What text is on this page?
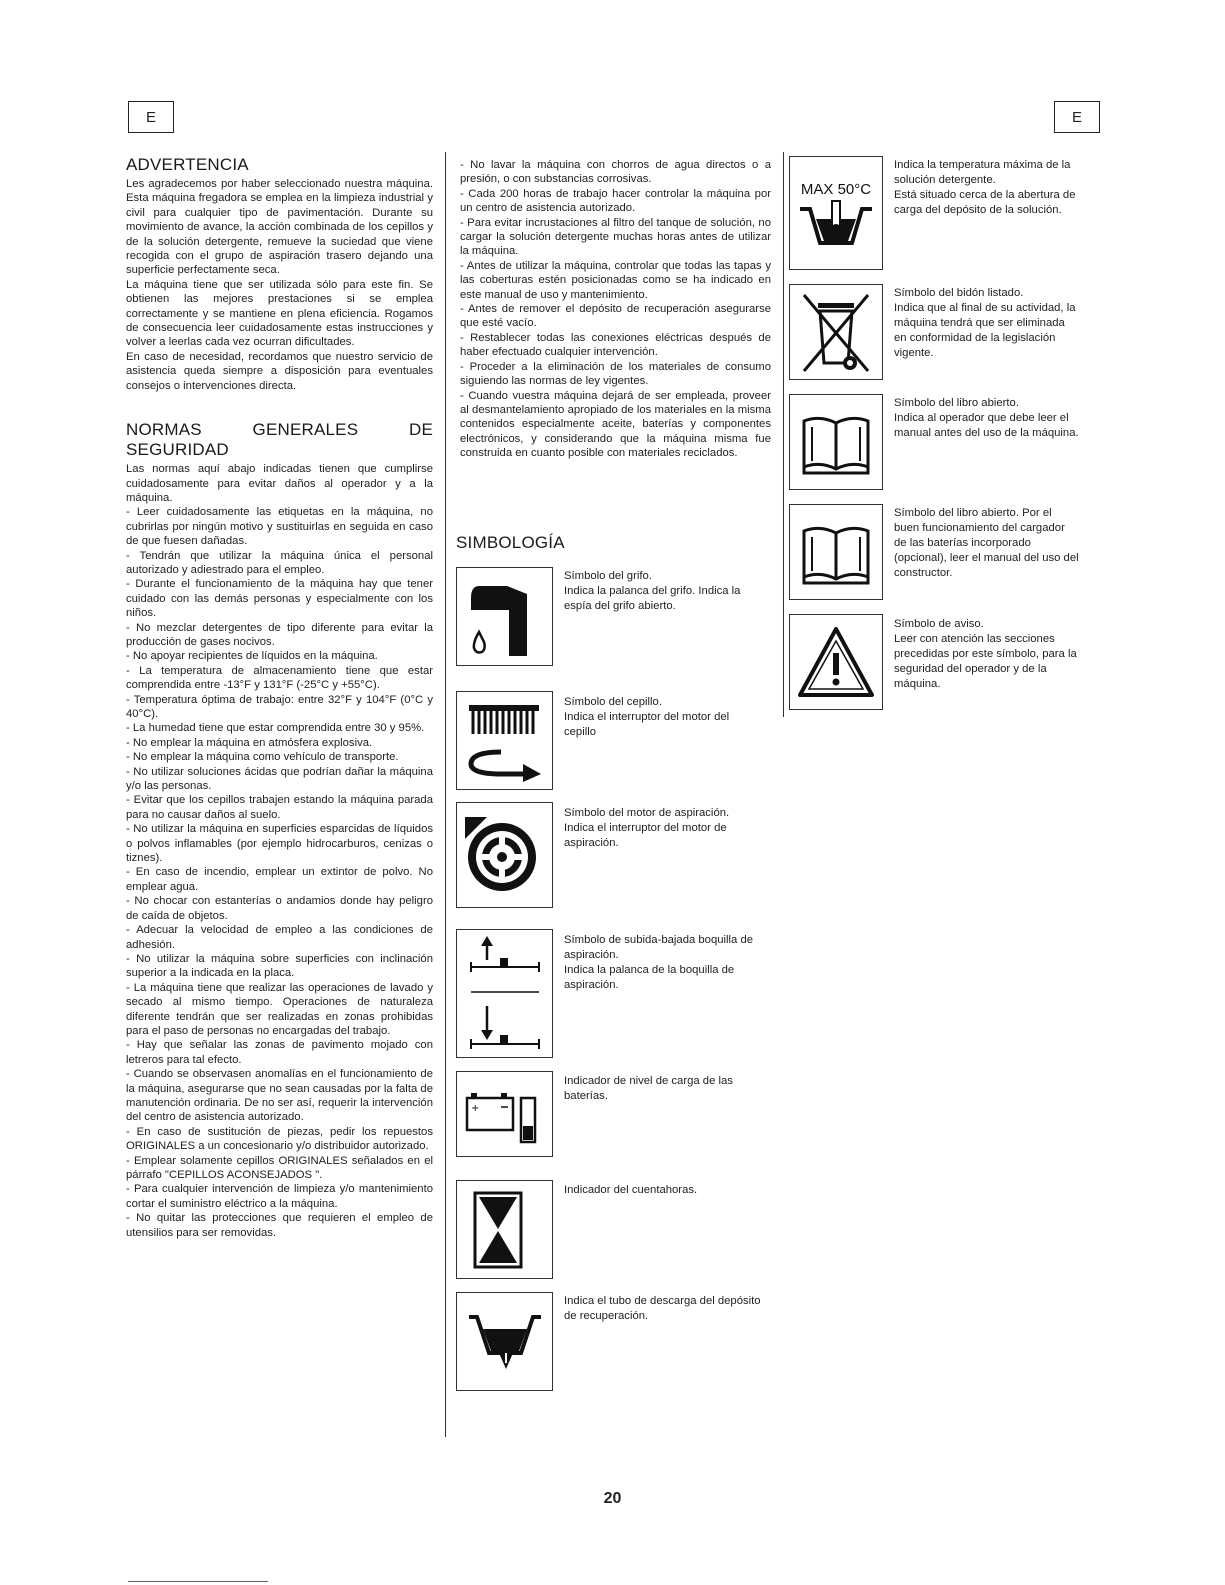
E	E
ADVERTENCIA

Les agradecemos por haber seleccionado nuestra máquina. Esta máquina fregadora se emplea en la limpieza industrial y civil para cualquier tipo de pavimentación. Durante su movimiento de avance, la acción combinada de los cepillos y de la solución detergente, remueve la suciedad que viene recogida con el grupo de aspiración trasero dejando una superficie perfectamente seca.

La máquina tiene que ser utilizada sólo para este fin. Se obtienen las mejores prestaciones si se emplea correctamente y se mantiene en plena eficiencia. Rogamos de consecuencia leer cuidadosamente estas instrucciones y volver a leerlas cada vez ocurran dificultades.

En caso de necesidad, recordamos que nuestro servicio de asistencia queda siempre a disposición para eventuales consejos o intervenciones directa.

NORMAS GENERALES DE SEGURIDAD

Las normas aquí abajo indicadas tienen que cumplirse cuidadosamente para evitar daños al operador y a la máquina.

- Leer cuidadosamente las etiquetas en la máquina, no cubrirlas por ningún motivo y sustituirlas en seguida en caso de que fuesen dañadas.

- Tendrán que utilizar la máquina única el personal autorizado y adiestrado para el empleo.

- Durante el funcionamiento de la máquina hay que tener cuidado con las demás personas y especialmente con los niños.

- No mezclar detergentes de tipo diferente para evitar la producción de gases nocivos.

- No apoyar recipientes de líquidos en la máquina.

- La temperatura de almacenamiento tiene que estar comprendida entre -13°F y 131°F (-25°C y +55°C).

- Temperatura óptima de trabajo: entre 32°F y 104°F (0°C y 40°C).

- La humedad tiene que estar comprendida entre 30 y 95%.

- No emplear la máquina en atmósfera explosiva.

- No emplear la máquina como vehículo de transporte.

- No utilizar soluciones ácidas que podrían dañar la máquina y/o las personas.

- Evitar que los cepillos trabajen estando la máquina parada para no causar daños al suelo.

- No utilizar la máquina en superficies esparcidas de líquidos o polvos inflamables (por ejemplo hidrocarburos, cenizas o tiznes).

- En caso de incendio, emplear un extintor de polvo. No emplear agua.

- No chocar con estanterías o andamios donde hay peligro de caída de objetos.

- Adecuar la velocidad de empleo a las condiciones de adhesión.

- No utilizar la máquina sobre superficies con inclinación superior a la indicada en la placa.

- La máquina tiene que realizar las operaciones de lavado y secado al mismo tiempo. Operaciones de naturaleza diferente tendrán que ser realizadas en zonas prohibidas para el paso de personas no encargadas del trabajo.

- Hay que señalar las zonas de pavimento mojado con letreros para tal efecto.

- Cuando se observasen anomalías en el funcionamiento de la máquina, asegurarse que no sean causadas por la falta de manutención ordinaria. De no ser así, requerir la intervención del centro de asistencia autorizado.

- En caso de sustitución de piezas, pedir los repuestos ORIGINALES a un concesionario y/o distribuidor autorizado.

- Emplear solamente cepillos ORIGINALES señalados en el párrafo "CEPILLOS ACONSEJADOS ".

- Para cualquier intervención de limpieza y/o mantenimiento cortar el suministro eléctrico a la máquina.

- No quitar las protecciones que requieren el empleo de utensilios para ser removidas.

- No lavar la máquina con chorros de agua directos o a presión, o con substancias corrosivas.

- Cada 200 horas de trabajo hacer controlar la máquina por un centro de asistencia autorizado.

- Para evitar incrustaciones al filtro del tanque de solución, no cargar la solución detergente muchas horas antes de utilizar la máquina.

- Antes de utilizar la máquina, controlar que todas las tapas y las coberturas estén posicionadas como se ha indicado en este manual de uso y mantenimiento.

- Antes de remover el depósito de recuperación asegurarse que esté vacío.

- Restablecer todas las conexiones eléctricas después de haber efectuado cualquier intervención.

- Proceder a la eliminación de los materiales de consumo siguiendo las normas de ley vigentes.

- Cuando vuestra máquina dejará de ser empleada, proveer al desmantelamiento apropiado de los materiales en la misma contenidos especialmente aceite, baterías y componentes electrónicos, y considerando que la máquina misma fue construida en cuanto posible con materiales reciclados.

SIMBOLOGÍA

Símbolo del grifo.

Indica la palanca del grifo. Indica la espía del grifo abierto.

Símbolo del cepillo.

Indica el interruptor del motor del cepillo

Símbolo del motor de aspiración.

Indica el interruptor del motor de aspiración.

Símbolo de subida-bajada boquilla de aspiración.

Indica la palanca de la boquilla de aspiración.

+

Indicador de nivel de carga de las baterías.

Indicador del cuentahoras.

Indica el tubo de descarga del depósito de recuperación.

MAX 50°C

Indica la temperatura máxima de la solución detergente.

Está situado cerca de la abertura de carga del depósito de la solución.

Símbolo del bidón listado.

Indica que al final de su actividad, la máquina tendrá que ser eliminada en conformidad de la legislación vigente.

Símbolo del libro abierto.

Indica al operador que debe leer el manual antes del uso de la máquina.

Símbolo del libro abierto. Por el buen funcionamiento del cargador de las baterías incorporado (opcional), leer el manual del uso del constructor.

Símbolo de aviso.

Leer con atención las secciones precedidas por este símbolo, para la seguridad del operador y de la máquina.

20
